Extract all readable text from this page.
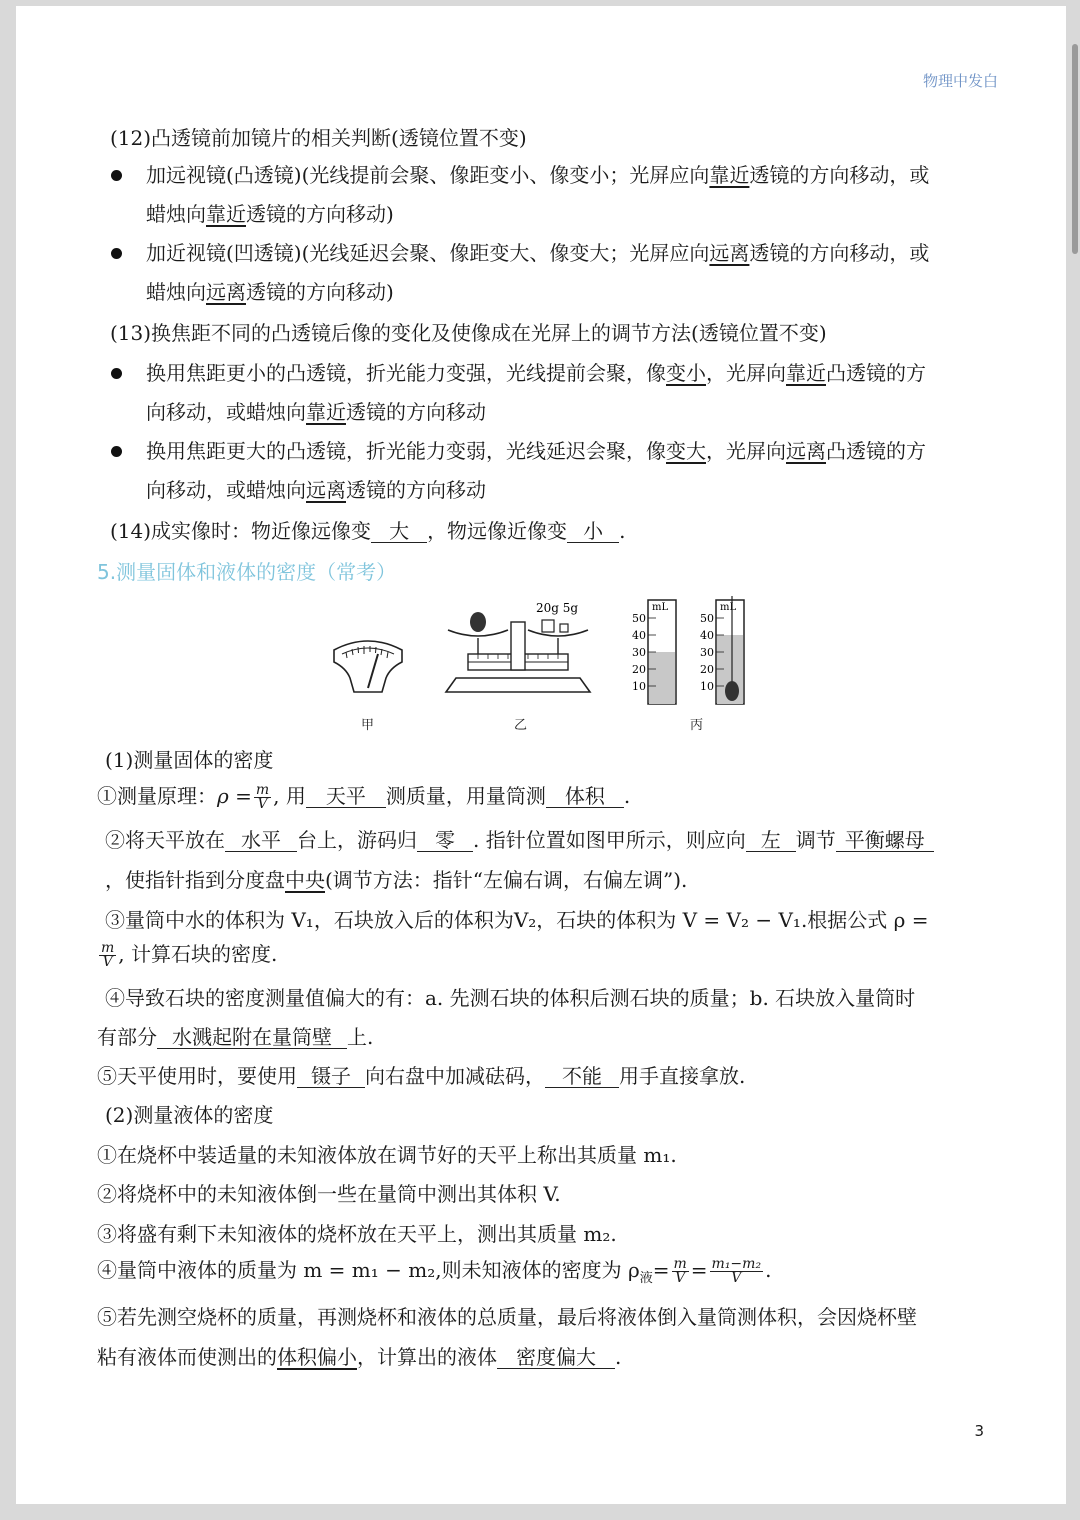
物理中发白
(12)凸透镜前加镜片的相关判断(透镜位置不变)
加远视镜(凸透镜)(光线提前会聚、像距变小、像变小；光屏应向靠近透镜的方向移动，或
蜡烛向靠近透镜的方向移动)
加近视镜(凹透镜)(光线延迟会聚、像距变大、像变大；光屏应向远离透镜的方向移动，或
蜡烛向远离透镜的方向移动)
(13)换焦距不同的凸透镜后像的变化及使像成在光屏上的调节方法(透镜位置不变)
换用焦距更小的凸透镜，折光能力变强，光线提前会聚，像变小，光屏向靠近凸透镜的方
向移动，或蜡烛向靠近透镜的方向移动
换用焦距更大的凸透镜，折光能力变弱，光线延迟会聚，像变大，光屏向远离凸透镜的方
向移动，或蜡烛向远离透镜的方向移动
(14)成实像时：物近像远像变 大 ，物远像近像变 小 .
5.测量固体和液体的密度（常考）
20g 5g	mL
50
40
30
20
10
mL
50
40
30
20
10
甲	乙	丙
(1)测量固体的密度
①测量原理：$\rho = \frac{m}{V}$ , 用 天平 测质量，用量筒测 体积 .
②将天平放在 水平 台上，游码归 零 . 指针位置如图甲所示，则应向 左 调节 平衡螺母
，使指针指到分度盘中央(调节方法：指针“左偏右调，右偏左调”).
③量筒中水的体积为 V₁，石块放入后的体积为V₂，石块的体积为 V = V₂ − V₁.根据公式 ρ =
$\frac{m}{V}$ , 计算石块的密度.
④导致石块的密度测量值偏大的有：a. 先测石块的体积后测石块的质量；b. 石块放入量筒时
有部分 水溅起附在量筒壁 上.
⑤天平使用时，要使用 镊子 向右盘中加减砝码， 不能 用手直接拿放.
(2)测量液体的密度
①在烧杯中装适量的未知液体放在调节好的天平上称出其质量 m₁.
②将烧杯中的未知液体倒一些在量筒中测出其体积 V.
③将盛有剩下未知液体的烧杯放在天平上，测出其质量 m₂.
④量筒中液体的质量为 m = m₁ − m₂,则未知液体的密度为 $\rho_液= \frac{m}{V} = \frac{\text{m₁−m₂}}{V}$ .
⑤若先测空烧杯的质量，再测烧杯和液体的总质量，最后将液体倒入量筒测体积，会因烧杯壁
粘有液体而使测出的体积偏小，计算出的液体 密度偏大 .
3
